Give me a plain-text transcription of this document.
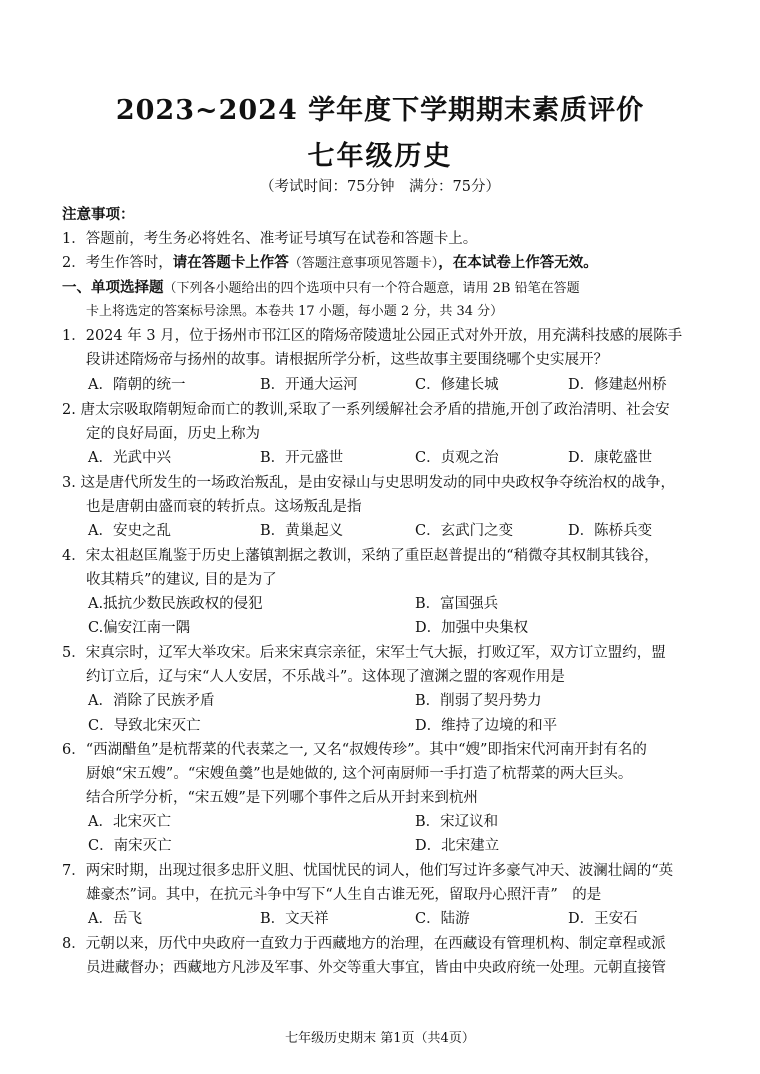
2023~2024 学年度下学期期末素质评价
七年级历史
（考试时间：75分钟　满分：75分）
注意事项：
1．答题前，考生务必将姓名、准考证号填写在试卷和答题卡上。
2．考生作答时，请在答题卡上作答（答题注意事项见答题卡），在本试卷上作答无效。
一、单项选择题（下列各小题给出的四个选项中只有一个符合题意，请用 2B 铅笔在答题
卡上将选定的答案标号涂黑。本卷共 17 小题，每小题 2 分，共 34 分）
1．2024 年 3 月，位于扬州市邗江区的隋炀帝陵遗址公园正式对外开放，用充满科技感的展陈手
段讲述隋炀帝与扬州的故事。请根据所学分析，这些故事主要围绕哪个史实展开？
A．隋朝的统一	B．开通大运河	C．修建长城	D．修建赵州桥
2. 唐太宗吸取隋朝短命而亡的教训,采取了一系列缓解社会矛盾的措施,开创了政治清明、社会安
定的良好局面，历史上称为
A．光武中兴	B．开元盛世	C．贞观之治	D．康乾盛世
3. 这是唐代所发生的一场政治叛乱，是由安禄山与史思明发动的同中央政权争夺统治权的战争，
也是唐朝由盛而衰的转折点。这场叛乱是指
A．安史之乱	B．黄巢起义	C．玄武门之变	D．陈桥兵变
4．宋太祖赵匡胤鉴于历史上藩镇割据之教训，采纳了重臣赵普提出的“稍微夺其权制其钱谷，
收其精兵”的建议, 目的是为了
A.抵抗少数民族政权的侵犯	B．富国强兵
C.偏安江南一隅	D．加强中央集权
5．宋真宗时，辽军大举攻宋。后来宋真宗亲征，宋军士气大振，打败辽军，双方订立盟约，盟
约订立后，辽与宋“人人安居，不乐战斗”。这体现了澶渊之盟的客观作用是
A．消除了民族矛盾	B．削弱了契丹势力
C．导致北宋灭亡	D．维持了边境的和平
6．“西湖醋鱼”是杭帮菜的代表菜之一, 又名“叔嫂传珍”。其中“嫂”即指宋代河南开封有名的
厨娘“宋五嫂”。“宋嫂鱼羹”也是她做的, 这个河南厨师一手打造了杭帮菜的两大巨头。
结合所学分析，“宋五嫂”是下列哪个事件之后从开封来到杭州
A．北宋灭亡	B．宋辽议和
C．南宋灭亡	D．北宋建立
7．两宋时期，出现过很多忠肝义胆、忧国忧民的词人，他们写过许多豪气冲天、波澜壮阔的“英
雄豪杰”词。其中，在抗元斗争中写下“人生自古谁无死，留取丹心照汗青”　的是
A．岳飞	B．文天祥	C．陆游	D．王安石
8．元朝以来，历代中央政府一直致力于西藏地方的治理，在西藏设有管理机构、制定章程或派
员进藏督办；西藏地方凡涉及军事、外交等重大事宜，皆由中央政府统一处理。元朝直接管
七年级历史期末 第1页（共4页）
